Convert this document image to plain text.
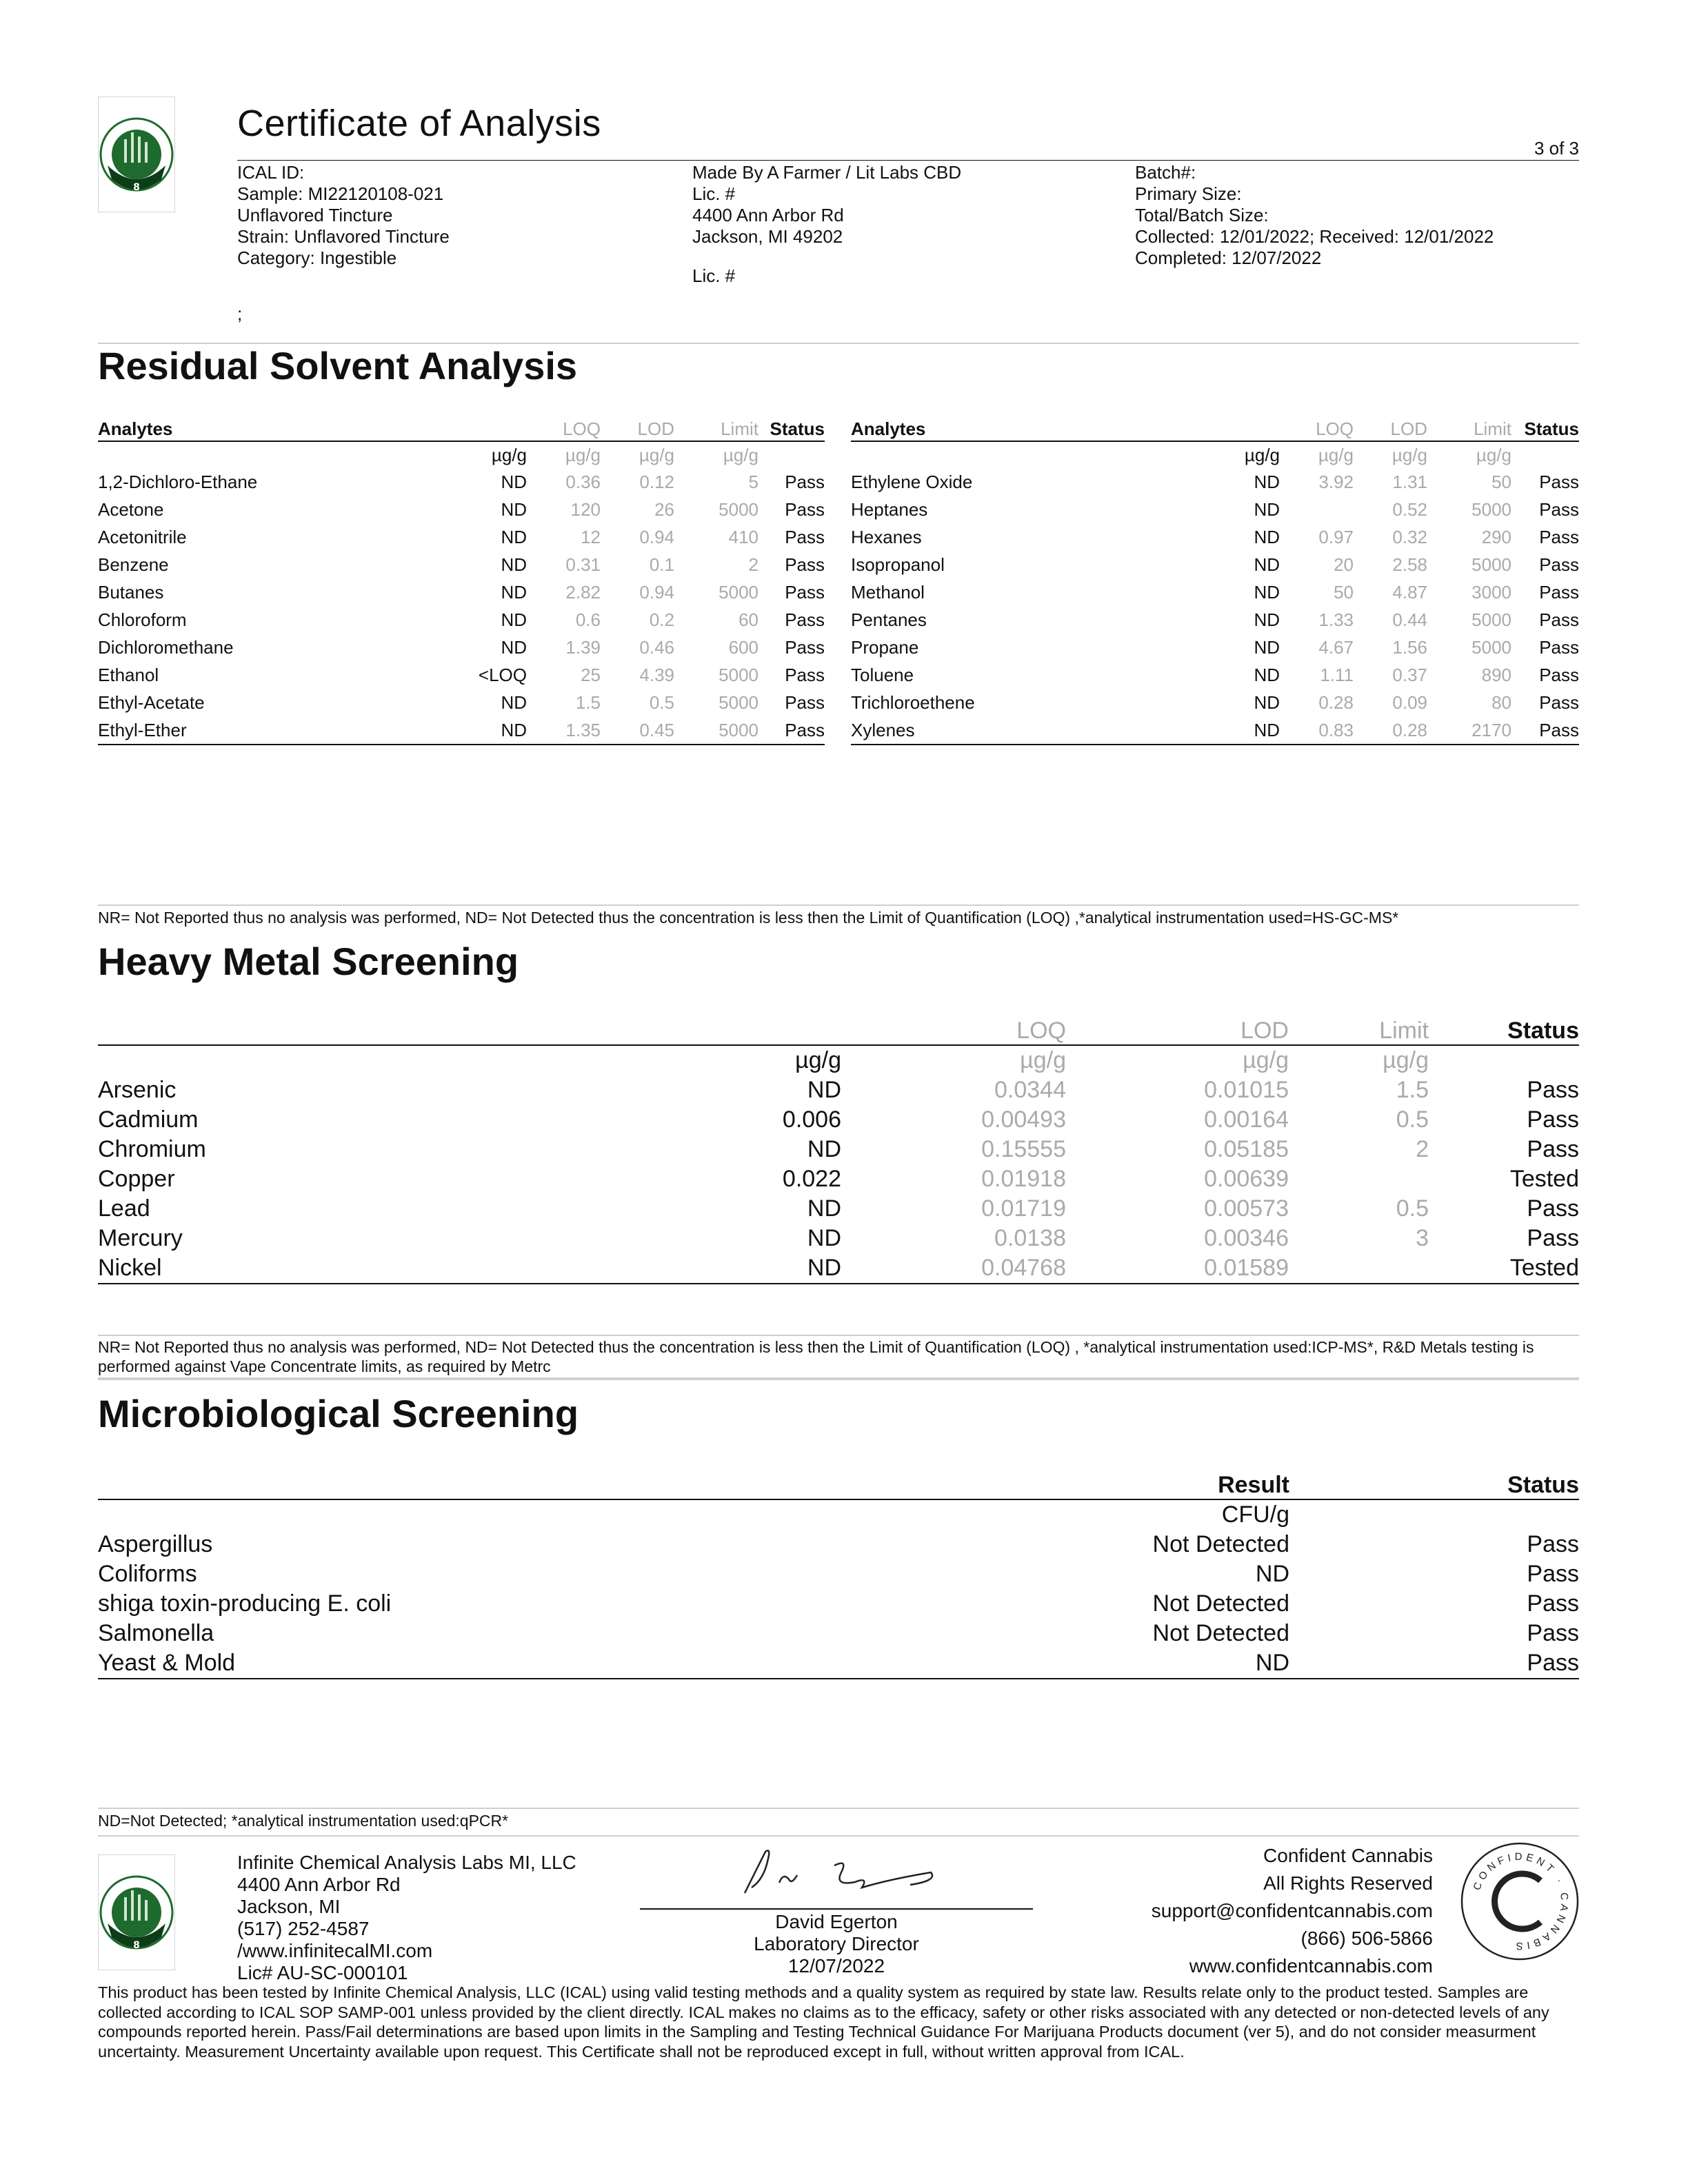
8
Certificate of Analysis
3 of 3
ICAL ID:
Sample: MI22120108-021
Unflavored Tincture
Strain: Unflavored Tincture
Category: Ingestible
;
Made By A Farmer / Lit Labs CBD
Lic. #
4400 Ann Arbor Rd
Jackson, MI 49202
Lic. #
Batch#:
Primary Size:
Total/Batch Size:
Collected: 12/01/2022; Received: 12/01/2022
Completed: 12/07/2022
Residual Solvent Analysis
Analytes		LOQ	LOD	Limit	Status
	µg/g	µg/g	µg/g	µg/g	
1,2-Dichloro-Ethane	ND	0.36	0.12	5	Pass
Acetone	ND	120	26	5000	Pass
Acetonitrile	ND	12	0.94	410	Pass
Benzene	ND	0.31	0.1	2	Pass
Butanes	ND	2.82	0.94	5000	Pass
Chloroform	ND	0.6	0.2	60	Pass
Dichloromethane	ND	1.39	0.46	600	Pass
Ethanol	<LOQ	25	4.39	5000	Pass
Ethyl-Acetate	ND	1.5	0.5	5000	Pass
Ethyl-Ether	ND	1.35	0.45	5000	Pass
Analytes		LOQ	LOD	Limit	Status
	µg/g	µg/g	µg/g	µg/g	
Ethylene Oxide	ND	3.92	1.31	50	Pass
Heptanes	ND		0.52	5000	Pass
Hexanes	ND	0.97	0.32	290	Pass
Isopropanol	ND	20	2.58	5000	Pass
Methanol	ND	50	4.87	3000	Pass
Pentanes	ND	1.33	0.44	5000	Pass
Propane	ND	4.67	1.56	5000	Pass
Toluene	ND	1.11	0.37	890	Pass
Trichloroethene	ND	0.28	0.09	80	Pass
Xylenes	ND	0.83	0.28	2170	Pass
NR= Not Reported thus no analysis was performed, ND= Not Detected thus the concentration is less then the Limit of Quantification (LOQ) ,*analytical instrumentation used=HS-GC-MS*
Heavy Metal Screening
		LOQ	LOD	Limit	Status
	µg/g	µg/g	µg/g	µg/g	
Arsenic	ND	0.0344	0.01015	1.5	Pass
Cadmium	0.006	0.00493	0.00164	0.5	Pass
Chromium	ND	0.15555	0.05185	2	Pass
Copper	0.022	0.01918	0.00639		Tested
Lead	ND	0.01719	0.00573	0.5	Pass
Mercury	ND	0.0138	0.00346	3	Pass
Nickel	ND	0.04768	0.01589		Tested
NR= Not Reported thus no analysis was performed, ND= Not Detected thus the concentration is less then the Limit of Quantification (LOQ) , *analytical instrumentation used:ICP-MS*, R&D Metals testing is performed against Vape Concentrate limits, as required by Metrc
Microbiological Screening
	Result	Status
	CFU/g	
Aspergillus	Not Detected	Pass
Coliforms	ND	Pass
shiga toxin-producing E. coli	Not Detected	Pass
Salmonella	Not Detected	Pass
Yeast & Mold	ND	Pass
ND=Not Detected; *analytical instrumentation used:qPCR*
8
Infinite Chemical Analysis Labs MI, LLC
4400 Ann Arbor Rd
Jackson, MI
(517) 252-4587
/www.infinitecalMI.com
Lic# AU-SC-000101
David Egerton
Laboratory Director
12/07/2022
Confident Cannabis
All Rights Reserved
support@confidentcannabis.com
(866) 506-5866
www.confidentcannabis.com
CONFIDENT · CANNABIS
This product has been tested by Infinite Chemical Analysis, LLC (ICAL) using valid testing methods and a quality system as required by state law. Results relate only to the product tested. Samples are collected according to ICAL SOP SAMP-001 unless provided by the client directly. ICAL makes no claims as to the efficacy, safety or other risks associated with any detected or non-detected levels of any compounds reported herein. Pass/Fail determinations are based upon limits in the Sampling and Testing Technical Guidance For Marijuana Products document (ver 5), and do not consider measurment uncertainty. Measurement Uncertainty available upon request. This Certificate shall not be reproduced except in full, without written approval from ICAL.
